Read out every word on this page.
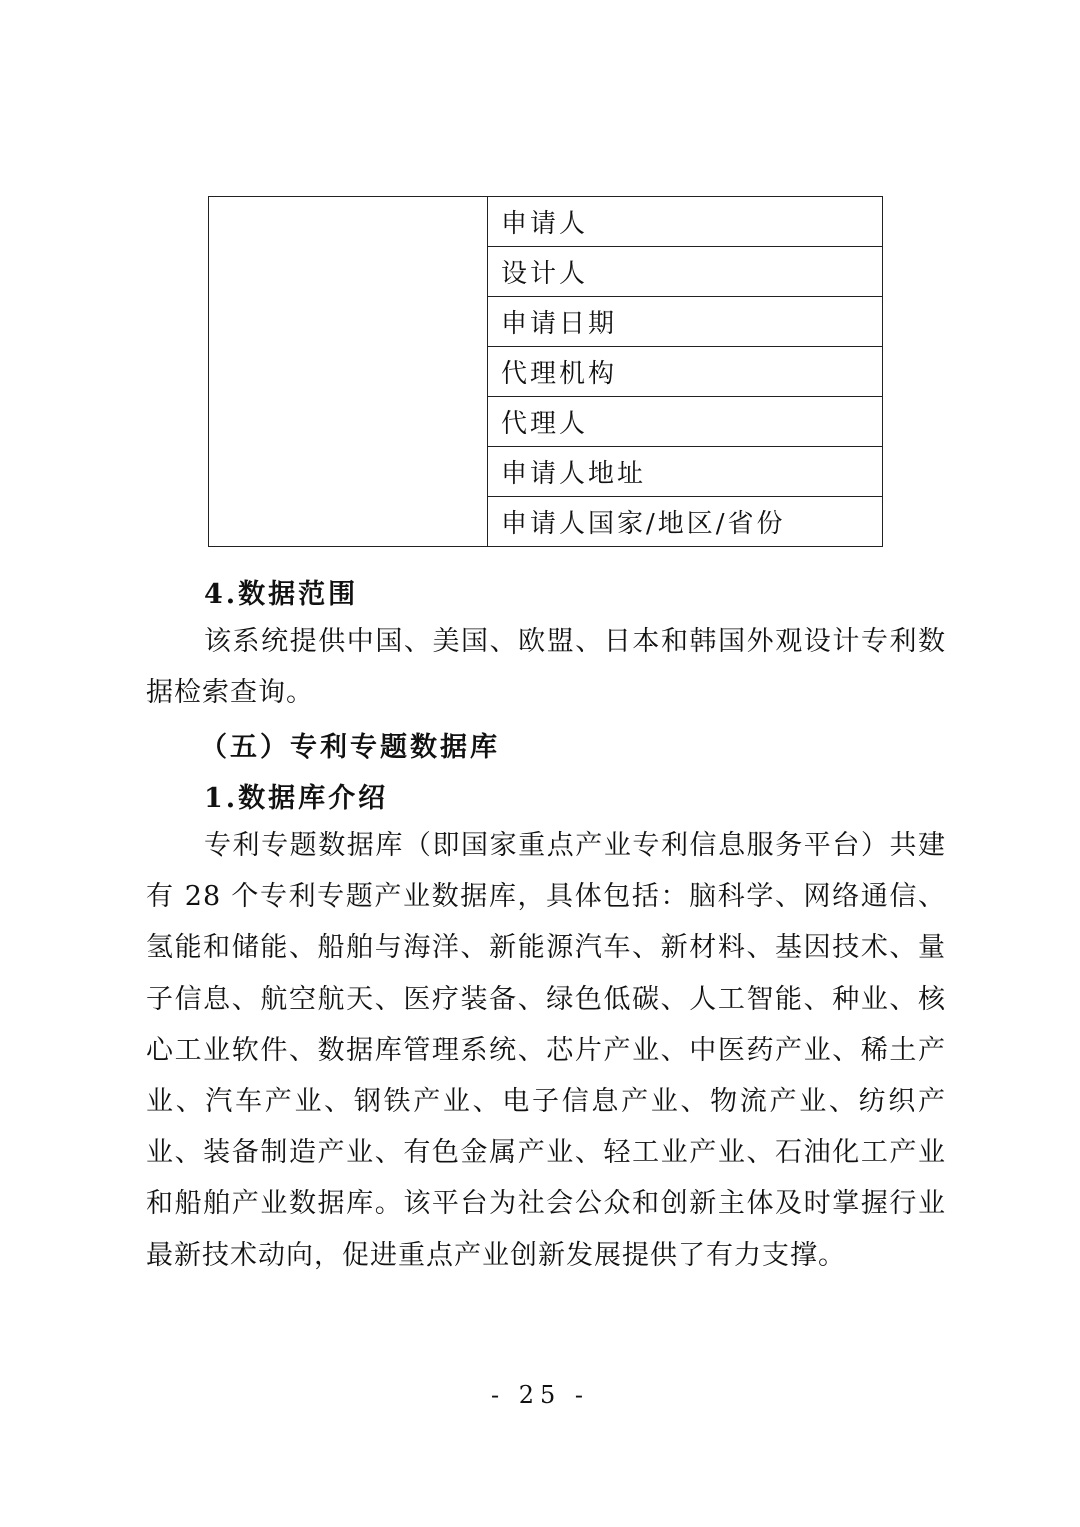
	申请人
设计人
申请日期
代理机构
代理人
申请人地址
申请人国家/地区/省份
4.数据范围

该系统提供中国、美国、欧盟、日本和韩国外观设计专利数据检索查询。

（五）专利专题数据库
1.数据库介绍

专利专题数据库（即国家重点产业专利信息服务平台）共建有 28 个专利专题产业数据库，具体包括：脑科学、网络通信、氢能和储能、船舶与海洋、新能源汽车、新材料、基因技术、量子信息、航空航天、医疗装备、绿色低碳、人工智能、种业、核心工业软件、数据库管理系统、芯片产业、中医药产业、稀土产业、汽车产业、钢铁产业、电子信息产业、物流产业、纺织产业、装备制造产业、有色金属产业、轻工业产业、石油化工产业和船舶产业数据库。该平台为社会公众和创新主体及时掌握行业最新技术动向，促进重点产业创新发展提供了有力支撑。

- 25 -
